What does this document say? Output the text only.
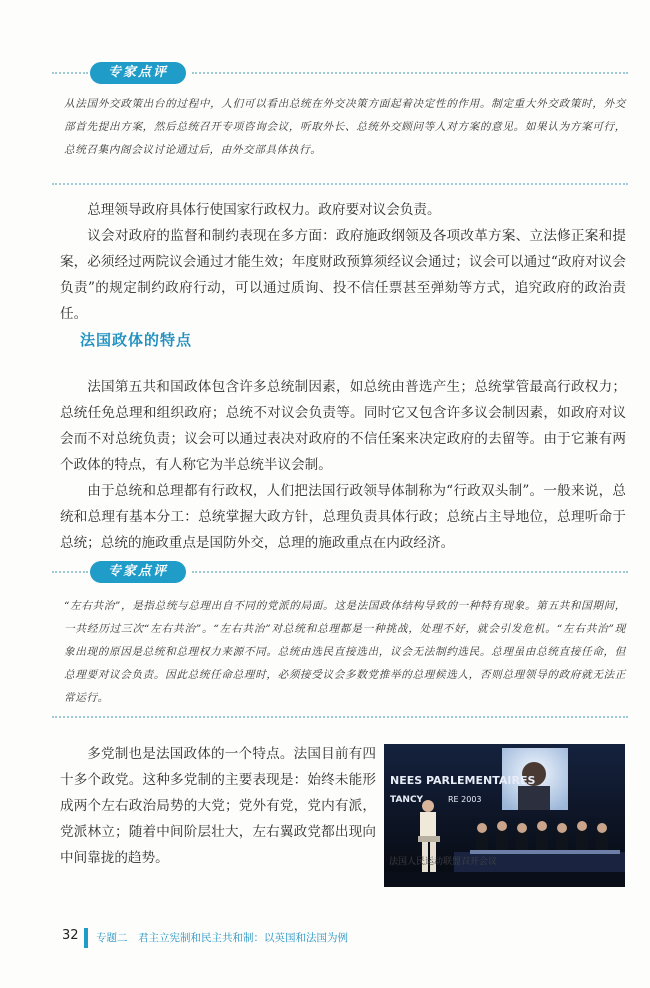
专家点评

从法国外交政策出台的过程中，人们可以看出总统在外交决策方面起着决定性的作用。制定重大外交政策时，外交部首先提出方案，然后总统召开专项咨询会议，听取外长、总统外交顾问等人对方案的意见。如果认为方案可行，总统召集内阁会议讨论通过后，由外交部具体执行。

总理领导政府具体行使国家行政权力。政府要对议会负责。

议会对政府的监督和制约表现在多方面：政府施政纲领及各项改革方案、立法修正案和提案，必须经过两院议会通过才能生效；年度财政预算须经议会通过；议会可以通过“政府对议会负责”的规定制约政府行动，可以通过质询、投不信任票甚至弹劾等方式，追究政府的政治责任。

法国政体的特点

法国第五共和国政体包含许多总统制因素，如总统由普选产生；总统掌管最高行政权力；总统任免总理和组织政府；总统不对议会负责等。同时它又包含许多议会制因素，如政府对议会而不对总统负责；议会可以通过表决对政府的不信任案来决定政府的去留等。由于它兼有两个政体的特点，有人称它为半总统半议会制。

由于总统和总理都有行政权，人们把法国行政领导体制称为“行政双头制”。一般来说，总统和总理有基本分工：总统掌握大政方针，总理负责具体行政；总统占主导地位，总理听命于总统；总统的施政重点是国防外交，总理的施政重点在内政经济。

专家点评

“左右共治”，是指总统与总理出自不同的党派的局面。这是法国政体结构导致的一种特有现象。第五共和国期间，一共经历过三次“左右共治”。“左右共治”对总统和总理都是一种挑战，处理不好，就会引发危机。“左右共治”现象出现的原因是总统和总理权力来源不同。总统由选民直接选出，议会无法制约选民。总理虽由总统直接任命，但总理要对议会负责。因此总统任命总理时，必须接受议会多数党推举的总理候选人，否则总理领导的政府就无法正常运行。

多党制也是法国政体的一个特点。法国目前有四十多个政党。这种多党制的主要表现是：始终未能形成两个左右政治局势的大党；党外有党，党内有派，党派林立；随着中间阶层壮大，左右翼政党都出现向中间靠拢的趋势。

NEES PARLEMENTAIRES
TANCY	RE 2003

法国人民运动联盟召开会议

32 专题二　君主立宪制和民主共和制：以英国和法国为例
